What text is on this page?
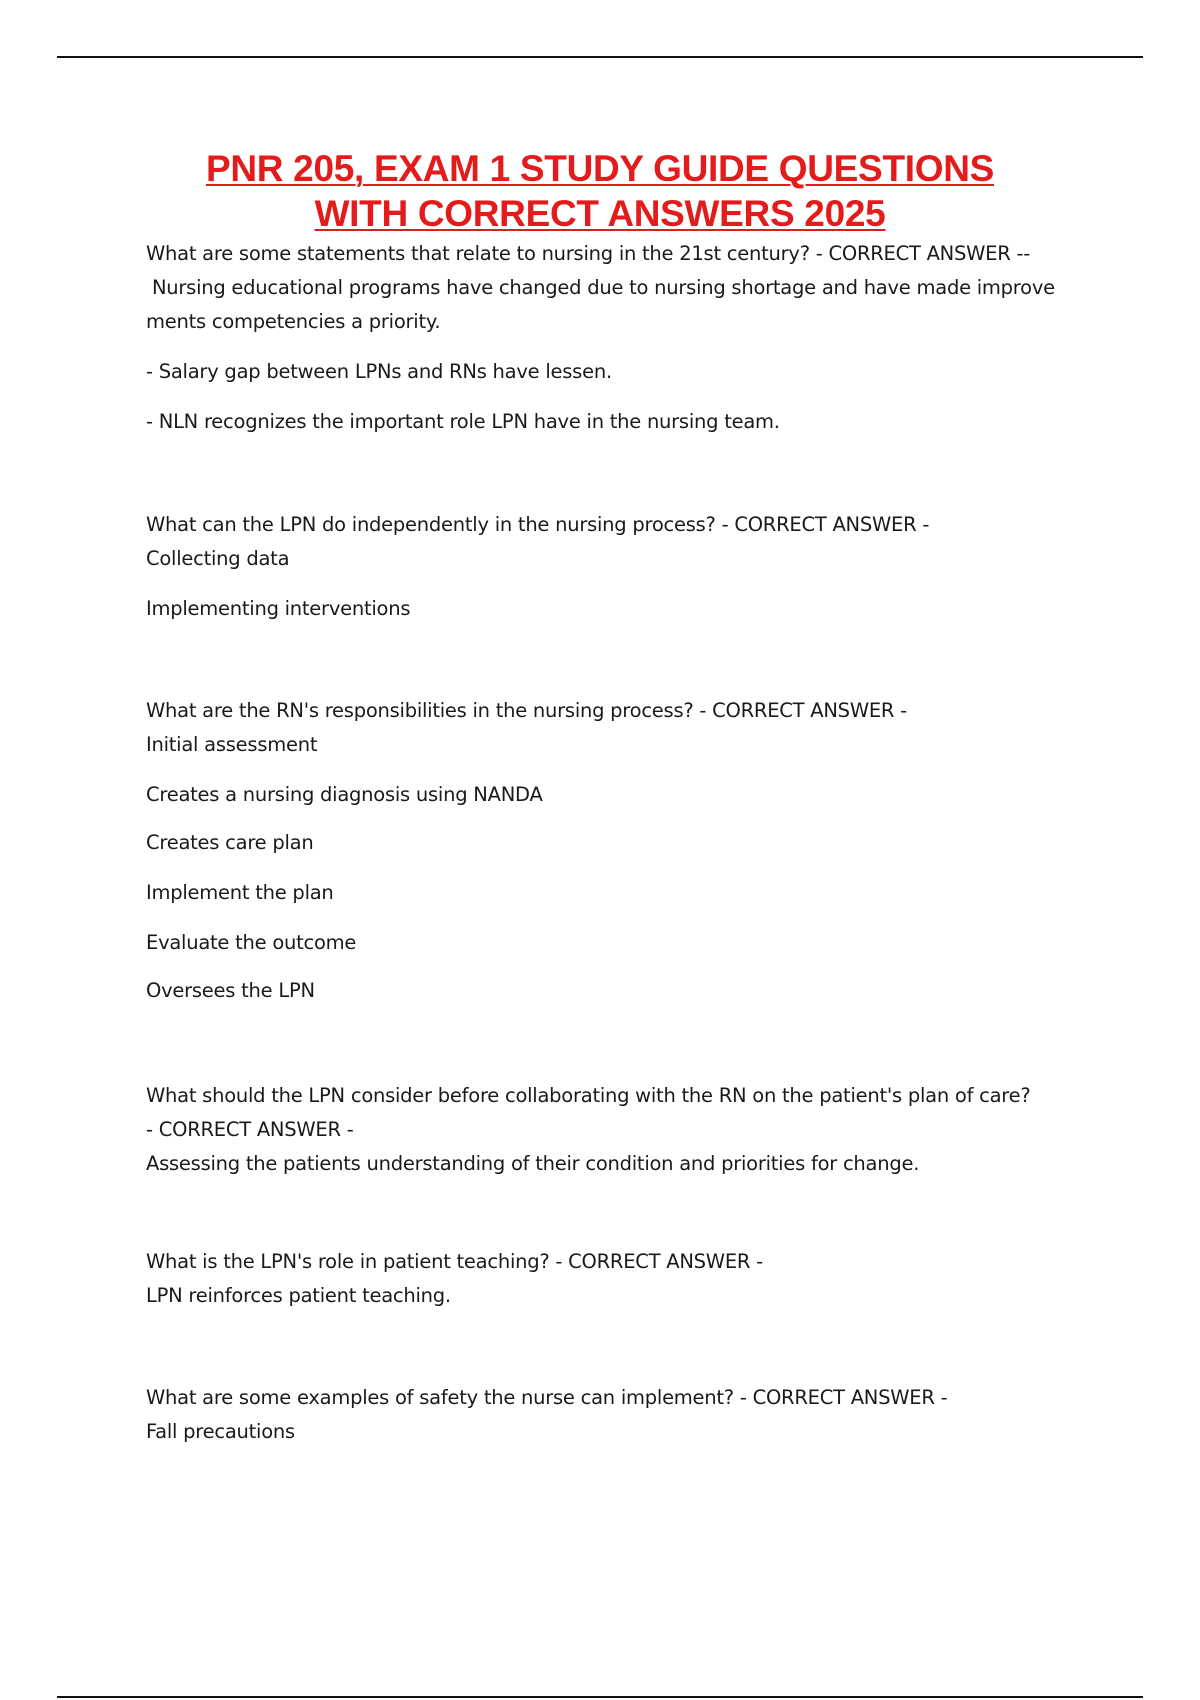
PNR 205, EXAM 1 STUDY GUIDE QUESTIONS
WITH CORRECT ANSWERS 2025
What are some statements that relate to nursing in the 21st century? - CORRECT ANSWER --
Nursing educational programs have changed due to nursing shortage and have made improve
ments competencies a priority.
- Salary gap between LPNs and RNs have lessen.
- NLN recognizes the important role LPN have in the nursing team.
What can the LPN do independently in the nursing process? - CORRECT ANSWER -
Collecting data
Implementing interventions
What are the RN's responsibilities in the nursing process? - CORRECT ANSWER -
Initial assessment
Creates a nursing diagnosis using NANDA
Creates care plan
Implement the plan
Evaluate the outcome
Oversees the LPN
What should the LPN consider before collaborating with the RN on the patient's plan of care?
- CORRECT ANSWER -
Assessing the patients understanding of their condition and priorities for change.
What is the LPN's role in patient teaching? - CORRECT ANSWER -
LPN reinforces patient teaching.
What are some examples of safety the nurse can implement? - CORRECT ANSWER -
Fall precautions
